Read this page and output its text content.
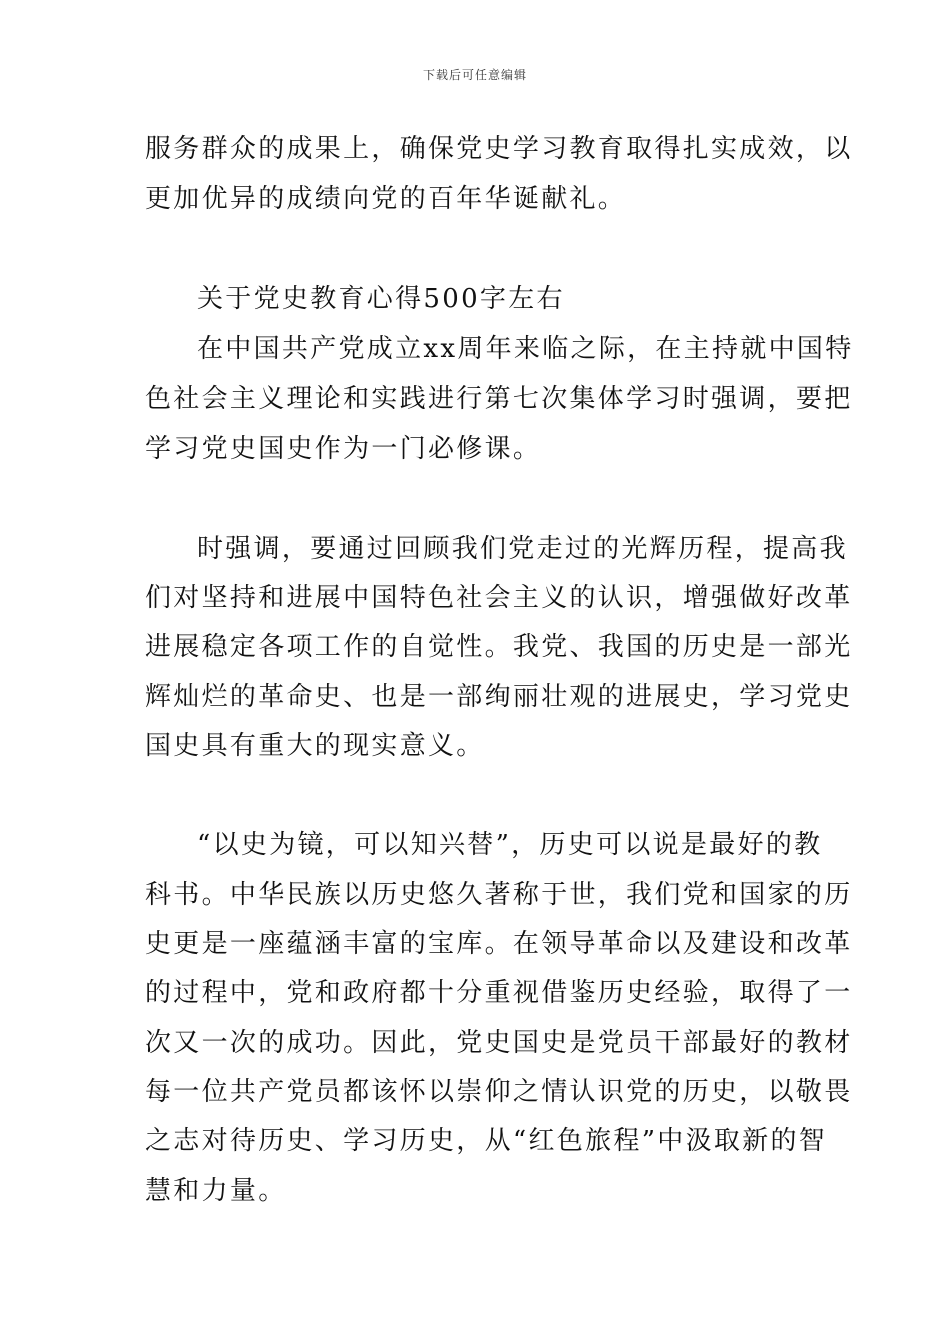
下载后可任意编辑
服务群众的成果上，确保党史学习教育取得扎实成效，以
更加优异的成绩向党的百年华诞献礼。
关于党史教育心得500字左右
在中国共产党成立xx周年来临之际，在主持就中国特
色社会主义理论和实践进行第七次集体学习时强调，要把
学习党史国史作为一门必修课。
时强调，要通过回顾我们党走过的光辉历程，提高我
们对坚持和进展中国特色社会主义的认识，增强做好改革
进展稳定各项工作的自觉性。我党、我国的历史是一部光
辉灿烂的革命史、也是一部绚丽壮观的进展史，学习党史
国史具有重大的现实意义。
“以史为镜，可以知兴替”，历史可以说是最好的教
科书。中华民族以历史悠久著称于世，我们党和国家的历
史更是一座蕴涵丰富的宝库。在领导革命以及建设和改革
的过程中，党和政府都十分重视借鉴历史经验，取得了一
次又一次的成功。因此，党史国史是党员干部最好的教材
每一位共产党员都该怀以崇仰之情认识党的历史，以敬畏
之志对待历史、学习历史，从“红色旅程”中汲取新的智
慧和力量。
